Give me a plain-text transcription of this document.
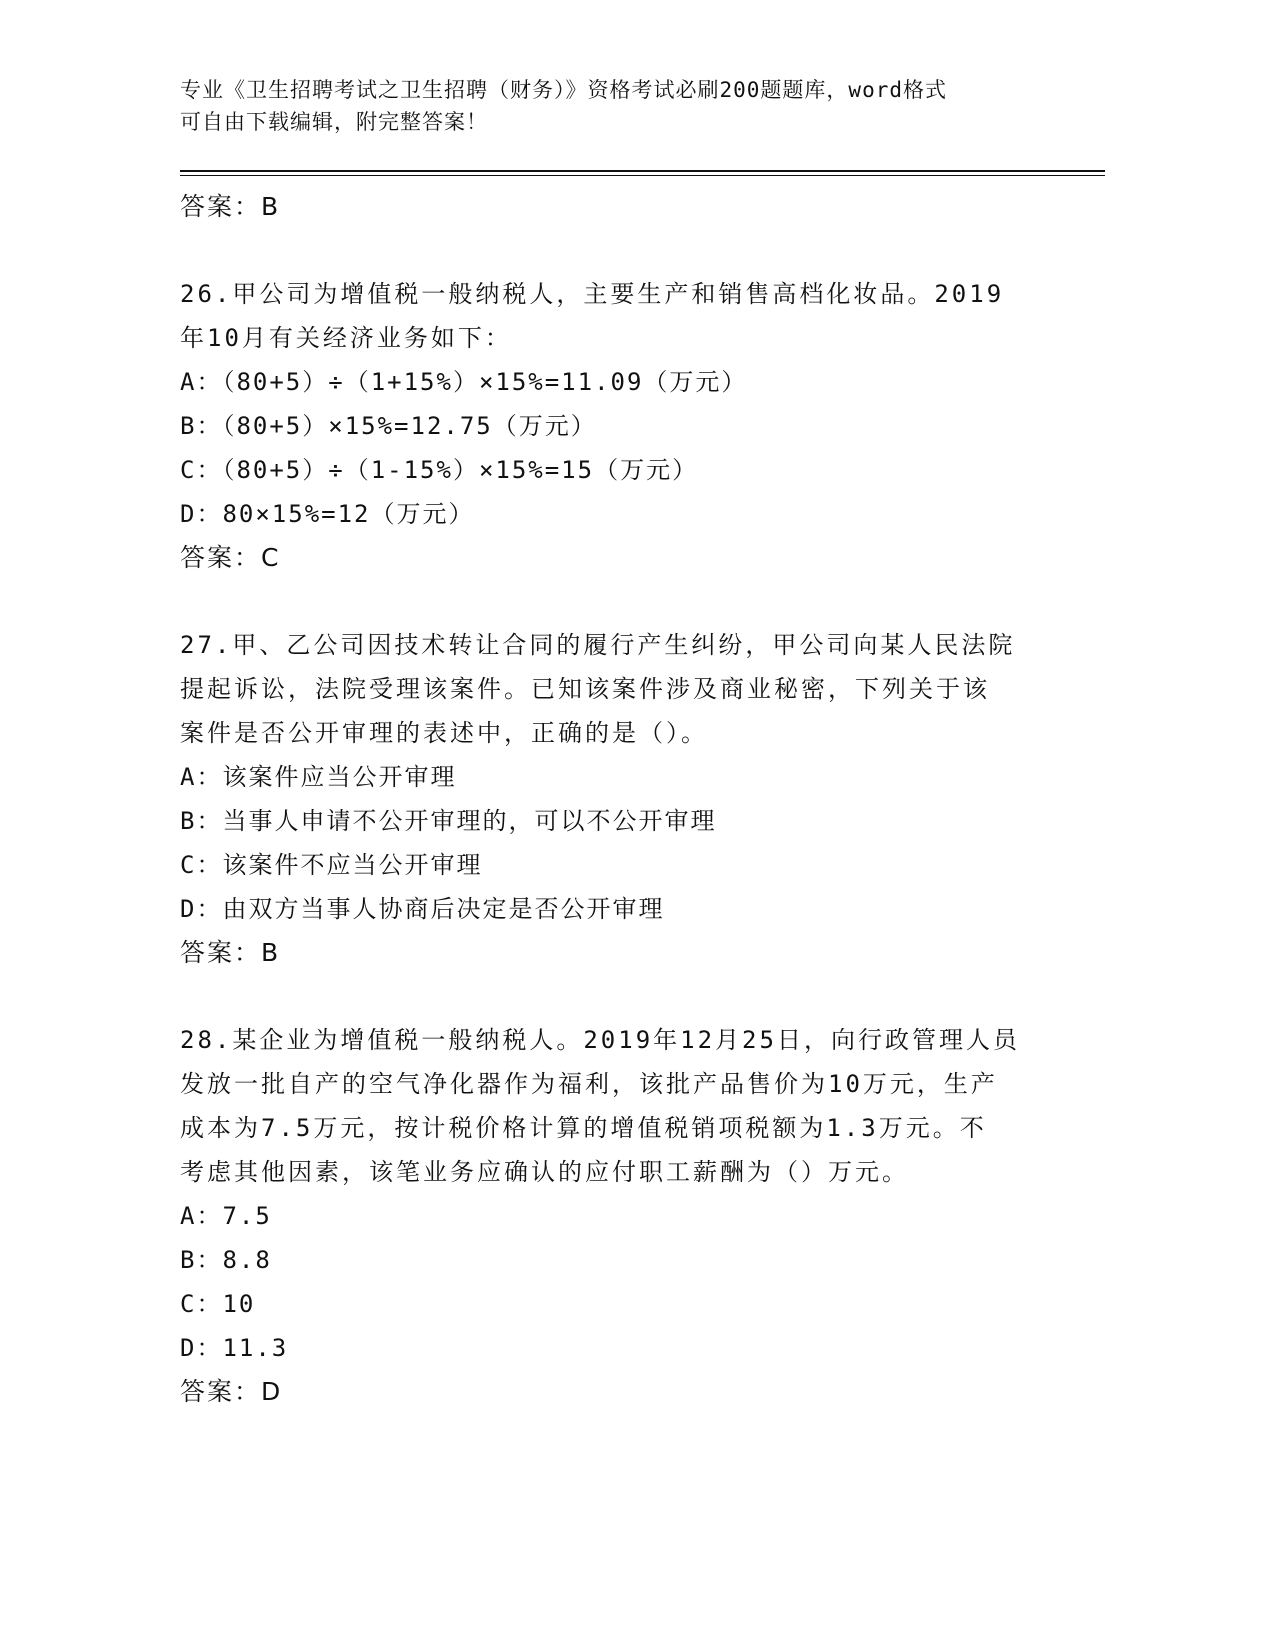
专业《卫生招聘考试之卫生招聘（财务）》资格考试必刷200题题库，word格式
可自由下载编辑，附完整答案！
答案：B
26.甲公司为增值税一般纳税人，主要生产和销售高档化妆品。2019
年10月有关经济业务如下：
A：（80+5）÷（1+15%）×15%=11.09（万元）
B：（80+5）×15%=12.75（万元）
C：（80+5）÷（1-15%）×15%=15（万元）
D：80×15%=12（万元）
答案：C
27.甲、乙公司因技术转让合同的履行产生纠纷，甲公司向某人民法院
提起诉讼，法院受理该案件。已知该案件涉及商业秘密，下列关于该
案件是否公开审理的表述中，正确的是（）。
A：该案件应当公开审理
B：当事人申请不公开审理的，可以不公开审理
C：该案件不应当公开审理
D：由双方当事人协商后决定是否公开审理
答案：B
28.某企业为增值税一般纳税人。2019年12月25日，向行政管理人员
发放一批自产的空气净化器作为福利，该批产品售价为10万元，生产
成本为7.5万元，按计税价格计算的增值税销项税额为1.3万元。不
考虑其他因素，该笔业务应确认的应付职工薪酬为（）万元。
A：7.5
B：8.8
C：10
D：11.3
答案：D
